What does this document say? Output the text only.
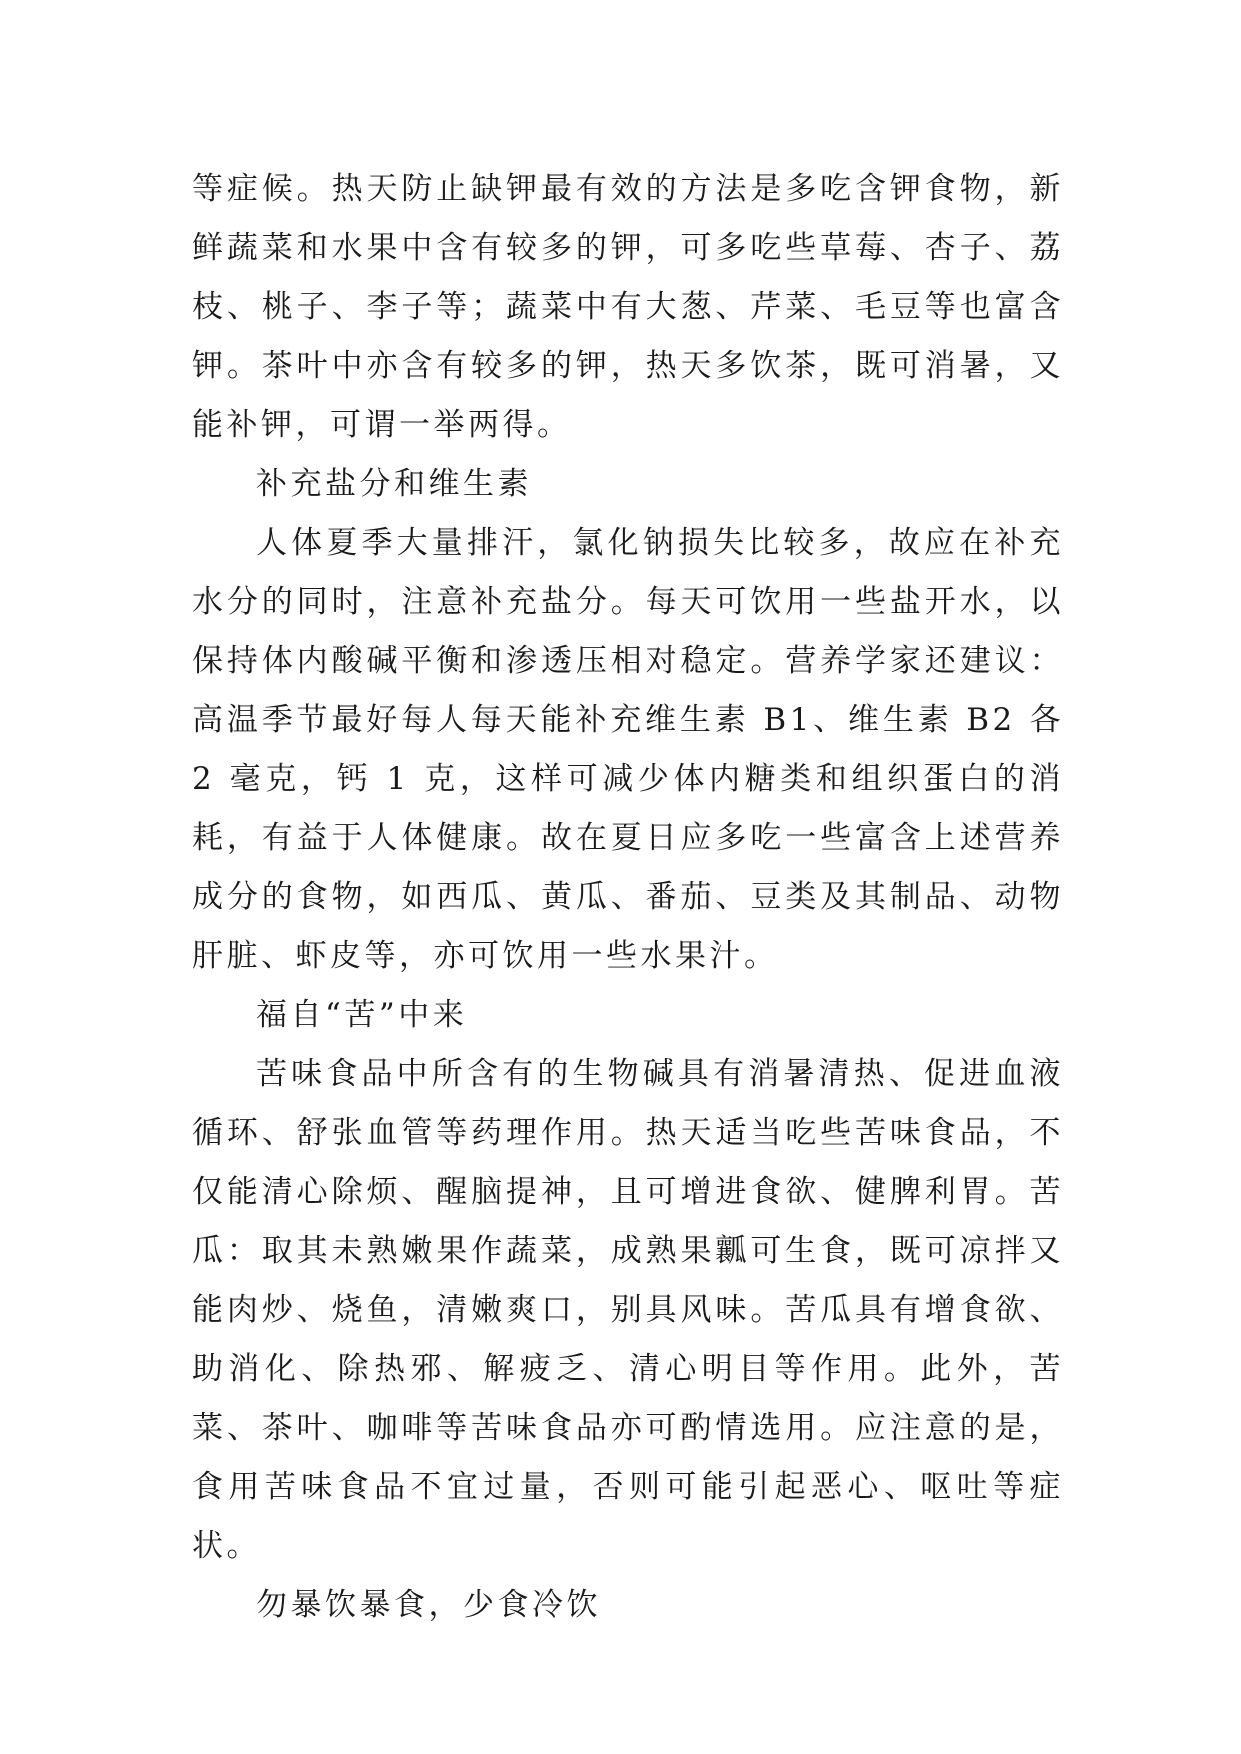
等症候。热天防止缺钾最有效的方法是多吃含钾食物，新鲜蔬菜和水果中含有较多的钾，可多吃些草莓、杏子、荔枝、桃子、李子等；蔬菜中有大葱、芹菜、毛豆等也富含钾。茶叶中亦含有较多的钾，热天多饮茶，既可消暑，又能补钾，可谓一举两得。

补充盐分和维生素

人体夏季大量排汗，氯化钠损失比较多，故应在补充水分的同时，注意补充盐分。每天可饮用一些盐开水，以保持体内酸碱平衡和渗透压相对稳定。营养学家还建议：高温季节最好每人每天能补充维生素 B1、维生素 B2 各 2 毫克，钙 1 克，这样可减少体内糖类和组织蛋白的消耗，有益于人体健康。故在夏日应多吃一些富含上述营养成分的食物，如西瓜、黄瓜、番茄、豆类及其制品、动物肝脏、虾皮等，亦可饮用一些水果汁。

福自“苦”中来

苦味食品中所含有的生物碱具有消暑清热、促进血液循环、舒张血管等药理作用。热天适当吃些苦味食品，不仅能清心除烦、醒脑提神，且可增进食欲、健脾利胃。苦瓜：取其未熟嫩果作蔬菜，成熟果瓤可生食，既可凉拌又能肉炒、烧鱼，清嫩爽口，别具风味。苦瓜具有增食欲、助消化、除热邪、解疲乏、清心明目等作用。此外，苦菜、茶叶、咖啡等苦味食品亦可酌情选用。应注意的是，食用苦味食品不宜过量，否则可能引起恶心、呕吐等症状。

勿暴饮暴食，少食冷饮
